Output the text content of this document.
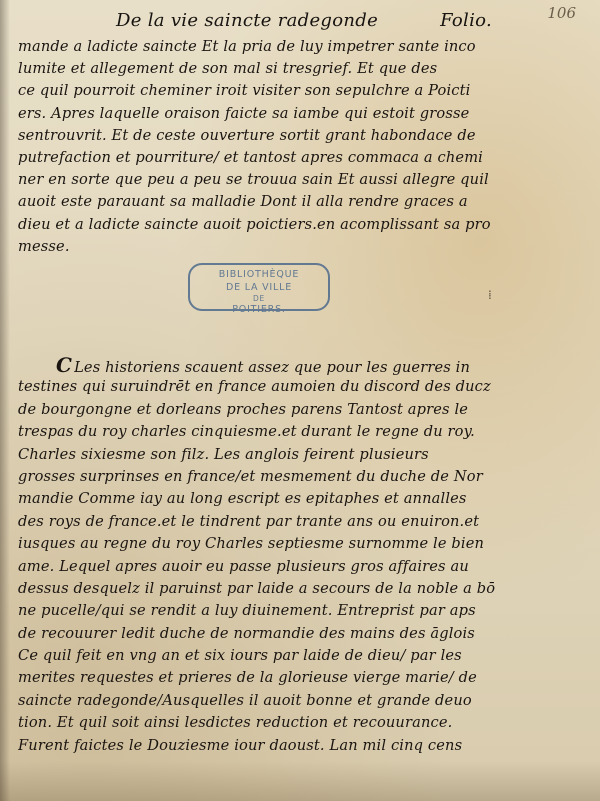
106
De la vie saincte radegonde	Folio.
mande a ladicte saincte Et la pria de luy impetrer sante inco
lumite et allegement de son mal si tresgrief. Et que des
ce quil pourroit cheminer iroit visiter son sepulchre a Poicti
ers. Apres laquelle oraison faicte sa iambe qui estoit grosse
sentrouvrit. Et de ceste ouverture sortit grant habondace de
putrefaction et pourriture/ et tantost apres commaca a chemi
ner en sorte que peu a peu se trouua sain Et aussi allegre quil
auoit este parauant sa malladie Dont il alla rendre graces a
dieu et a ladicte saincte auoit poictiers.en acomplissant sa pro
messe.
BIBLIOTHÈQUE
DE LA VILLE
DE
POITIERS.
⁞
C Les historiens scauent assez que pour les guerres in
testines qui suruindrēt en france aumoien du discord des ducz
de bourgongne et dorleans proches parens Tantost apres le
trespas du roy charles cinquiesme.et durant le regne du roy.
Charles sixiesme son filz. Les anglois feirent plusieurs
grosses surprinses en france/et mesmement du duche de Nor
mandie Comme iay au long escript es epitaphes et annalles
des roys de france.et le tindrent par trante ans ou enuiron.et
iusques au regne du roy Charles septiesme surnomme le bien
ame. Lequel apres auoir eu passe plusieurs gros affaires au
dessus desquelz il paruinst par laide a secours de la noble a bō
ne pucelle/qui se rendit a luy diuinement. Entreprist par aps
de recouurer ledit duche de normandie des mains des āglois
Ce quil feit en vng an et six iours par laide de dieu/ par les
merites requestes et prieres de la glorieuse vierge marie/ de
saincte radegonde/Ausquelles il auoit bonne et grande deuo
tion. Et quil soit ainsi lesdictes reduction et recouurance.
Furent faictes le Douziesme iour daoust. Lan mil cinq cens
